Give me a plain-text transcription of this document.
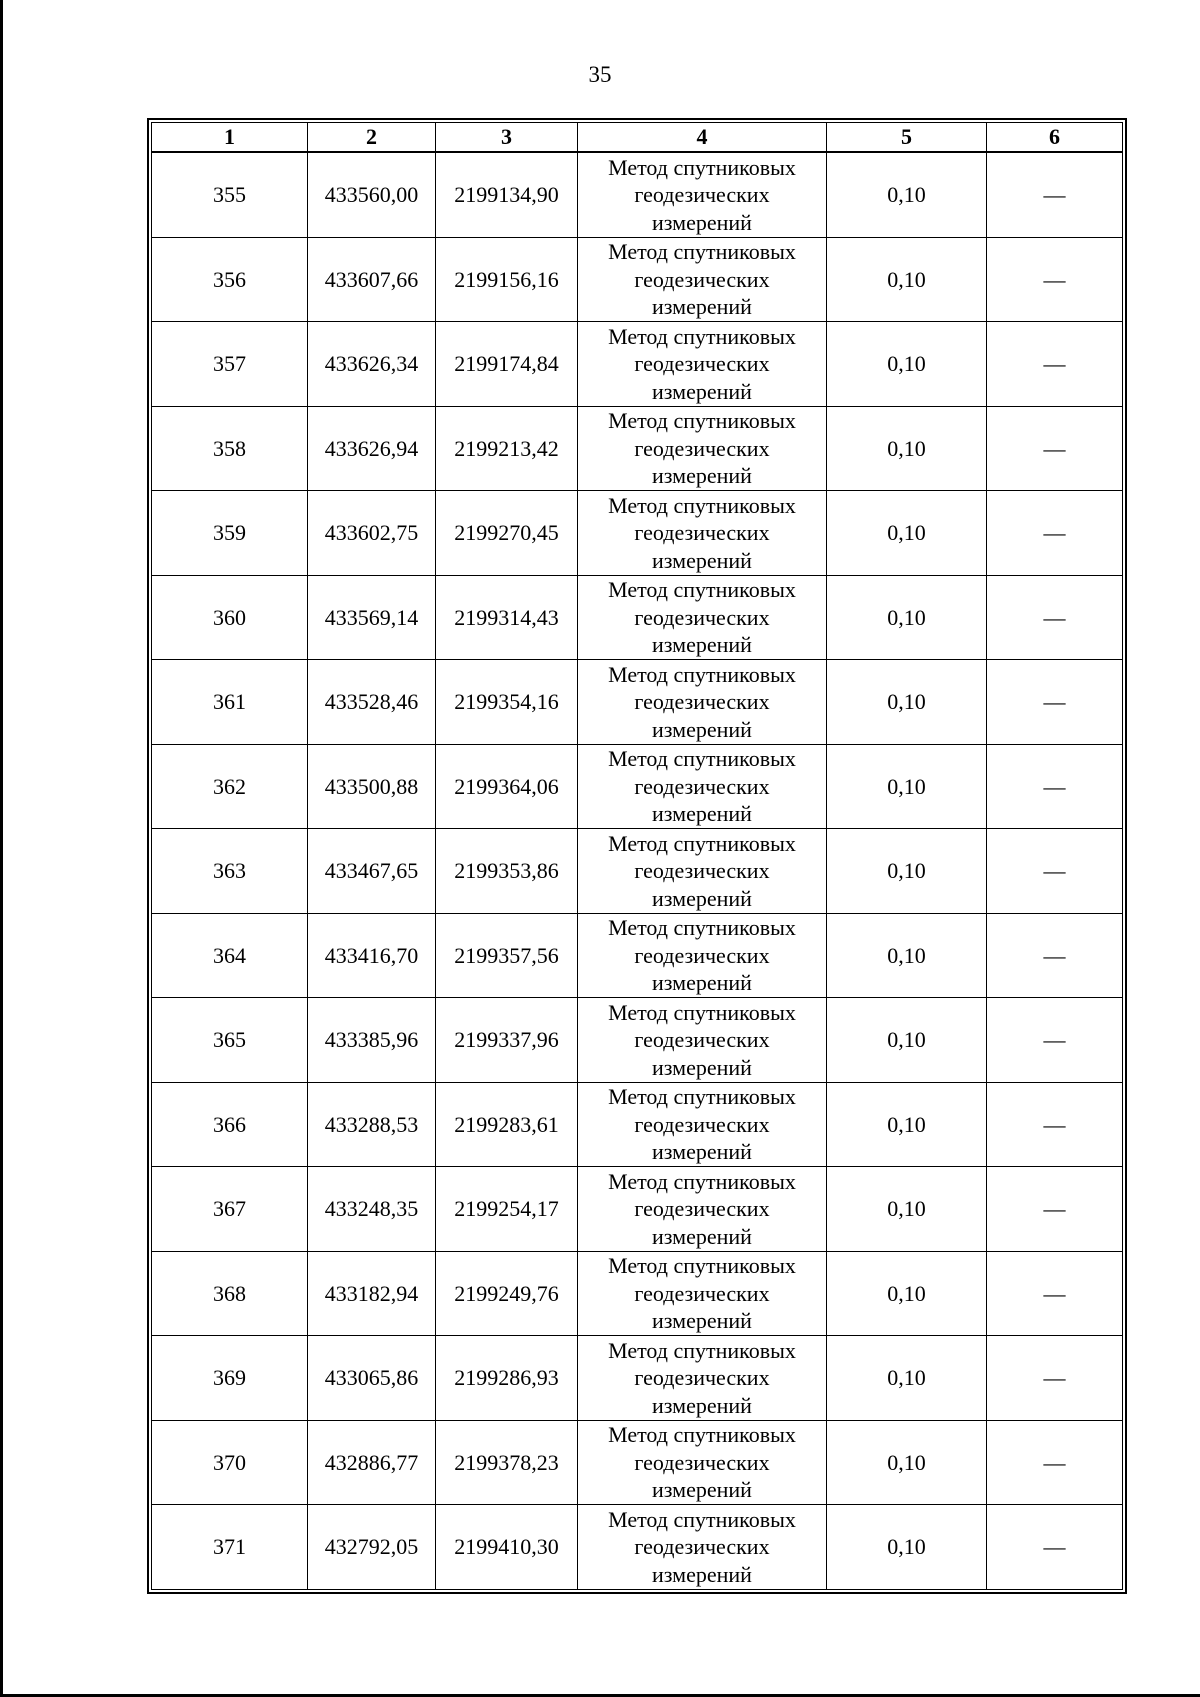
35
1	2	3	4	5	6
355	433560,00	2199134,90	Метод спутниковых
геодезических
измерений	0,10	—
356	433607,66	2199156,16	Метод спутниковых
геодезических
измерений	0,10	—
357	433626,34	2199174,84	Метод спутниковых
геодезических
измерений	0,10	—
358	433626,94	2199213,42	Метод спутниковых
геодезических
измерений	0,10	—
359	433602,75	2199270,45	Метод спутниковых
геодезических
измерений	0,10	—
360	433569,14	2199314,43	Метод спутниковых
геодезических
измерений	0,10	—
361	433528,46	2199354,16	Метод спутниковых
геодезических
измерений	0,10	—
362	433500,88	2199364,06	Метод спутниковых
геодезических
измерений	0,10	—
363	433467,65	2199353,86	Метод спутниковых
геодезических
измерений	0,10	—
364	433416,70	2199357,56	Метод спутниковых
геодезических
измерений	0,10	—
365	433385,96	2199337,96	Метод спутниковых
геодезических
измерений	0,10	—
366	433288,53	2199283,61	Метод спутниковых
геодезических
измерений	0,10	—
367	433248,35	2199254,17	Метод спутниковых
геодезических
измерений	0,10	—
368	433182,94	2199249,76	Метод спутниковых
геодезических
измерений	0,10	—
369	433065,86	2199286,93	Метод спутниковых
геодезических
измерений	0,10	—
370	432886,77	2199378,23	Метод спутниковых
геодезических
измерений	0,10	—
371	432792,05	2199410,30	Метод спутниковых
геодезических
измерений	0,10	—
